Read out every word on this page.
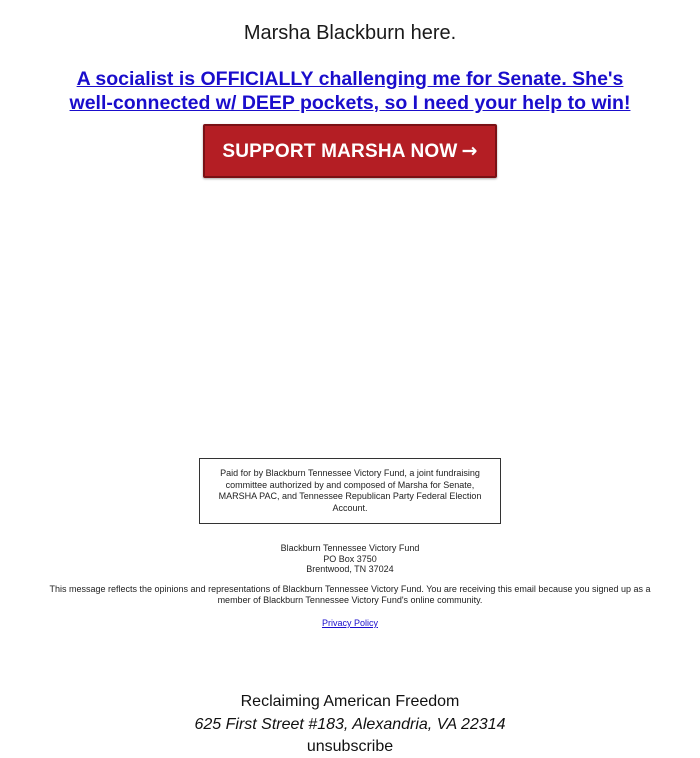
Marsha Blackburn here.
A socialist is OFFICIALLY challenging me for Senate. She's
well-connected w/ DEEP pockets, so I need your help to win!
SUPPORT MARSHA NOW →
Paid for by Blackburn Tennessee Victory Fund, a joint fundraising committee authorized by and composed of Marsha for Senate, MARSHA PAC, and Tennessee Republican Party Federal Election Account.
Blackburn Tennessee Victory Fund
PO Box 3750
Brentwood, TN 37024
This message reflects the opinions and representations of Blackburn Tennessee Victory Fund. You are receiving this email because you signed up as a member of Blackburn Tennessee Victory Fund's online community.
Privacy Policy
Reclaiming American Freedom
625 First Street #183, Alexandria, VA 22314
unsubscribe
